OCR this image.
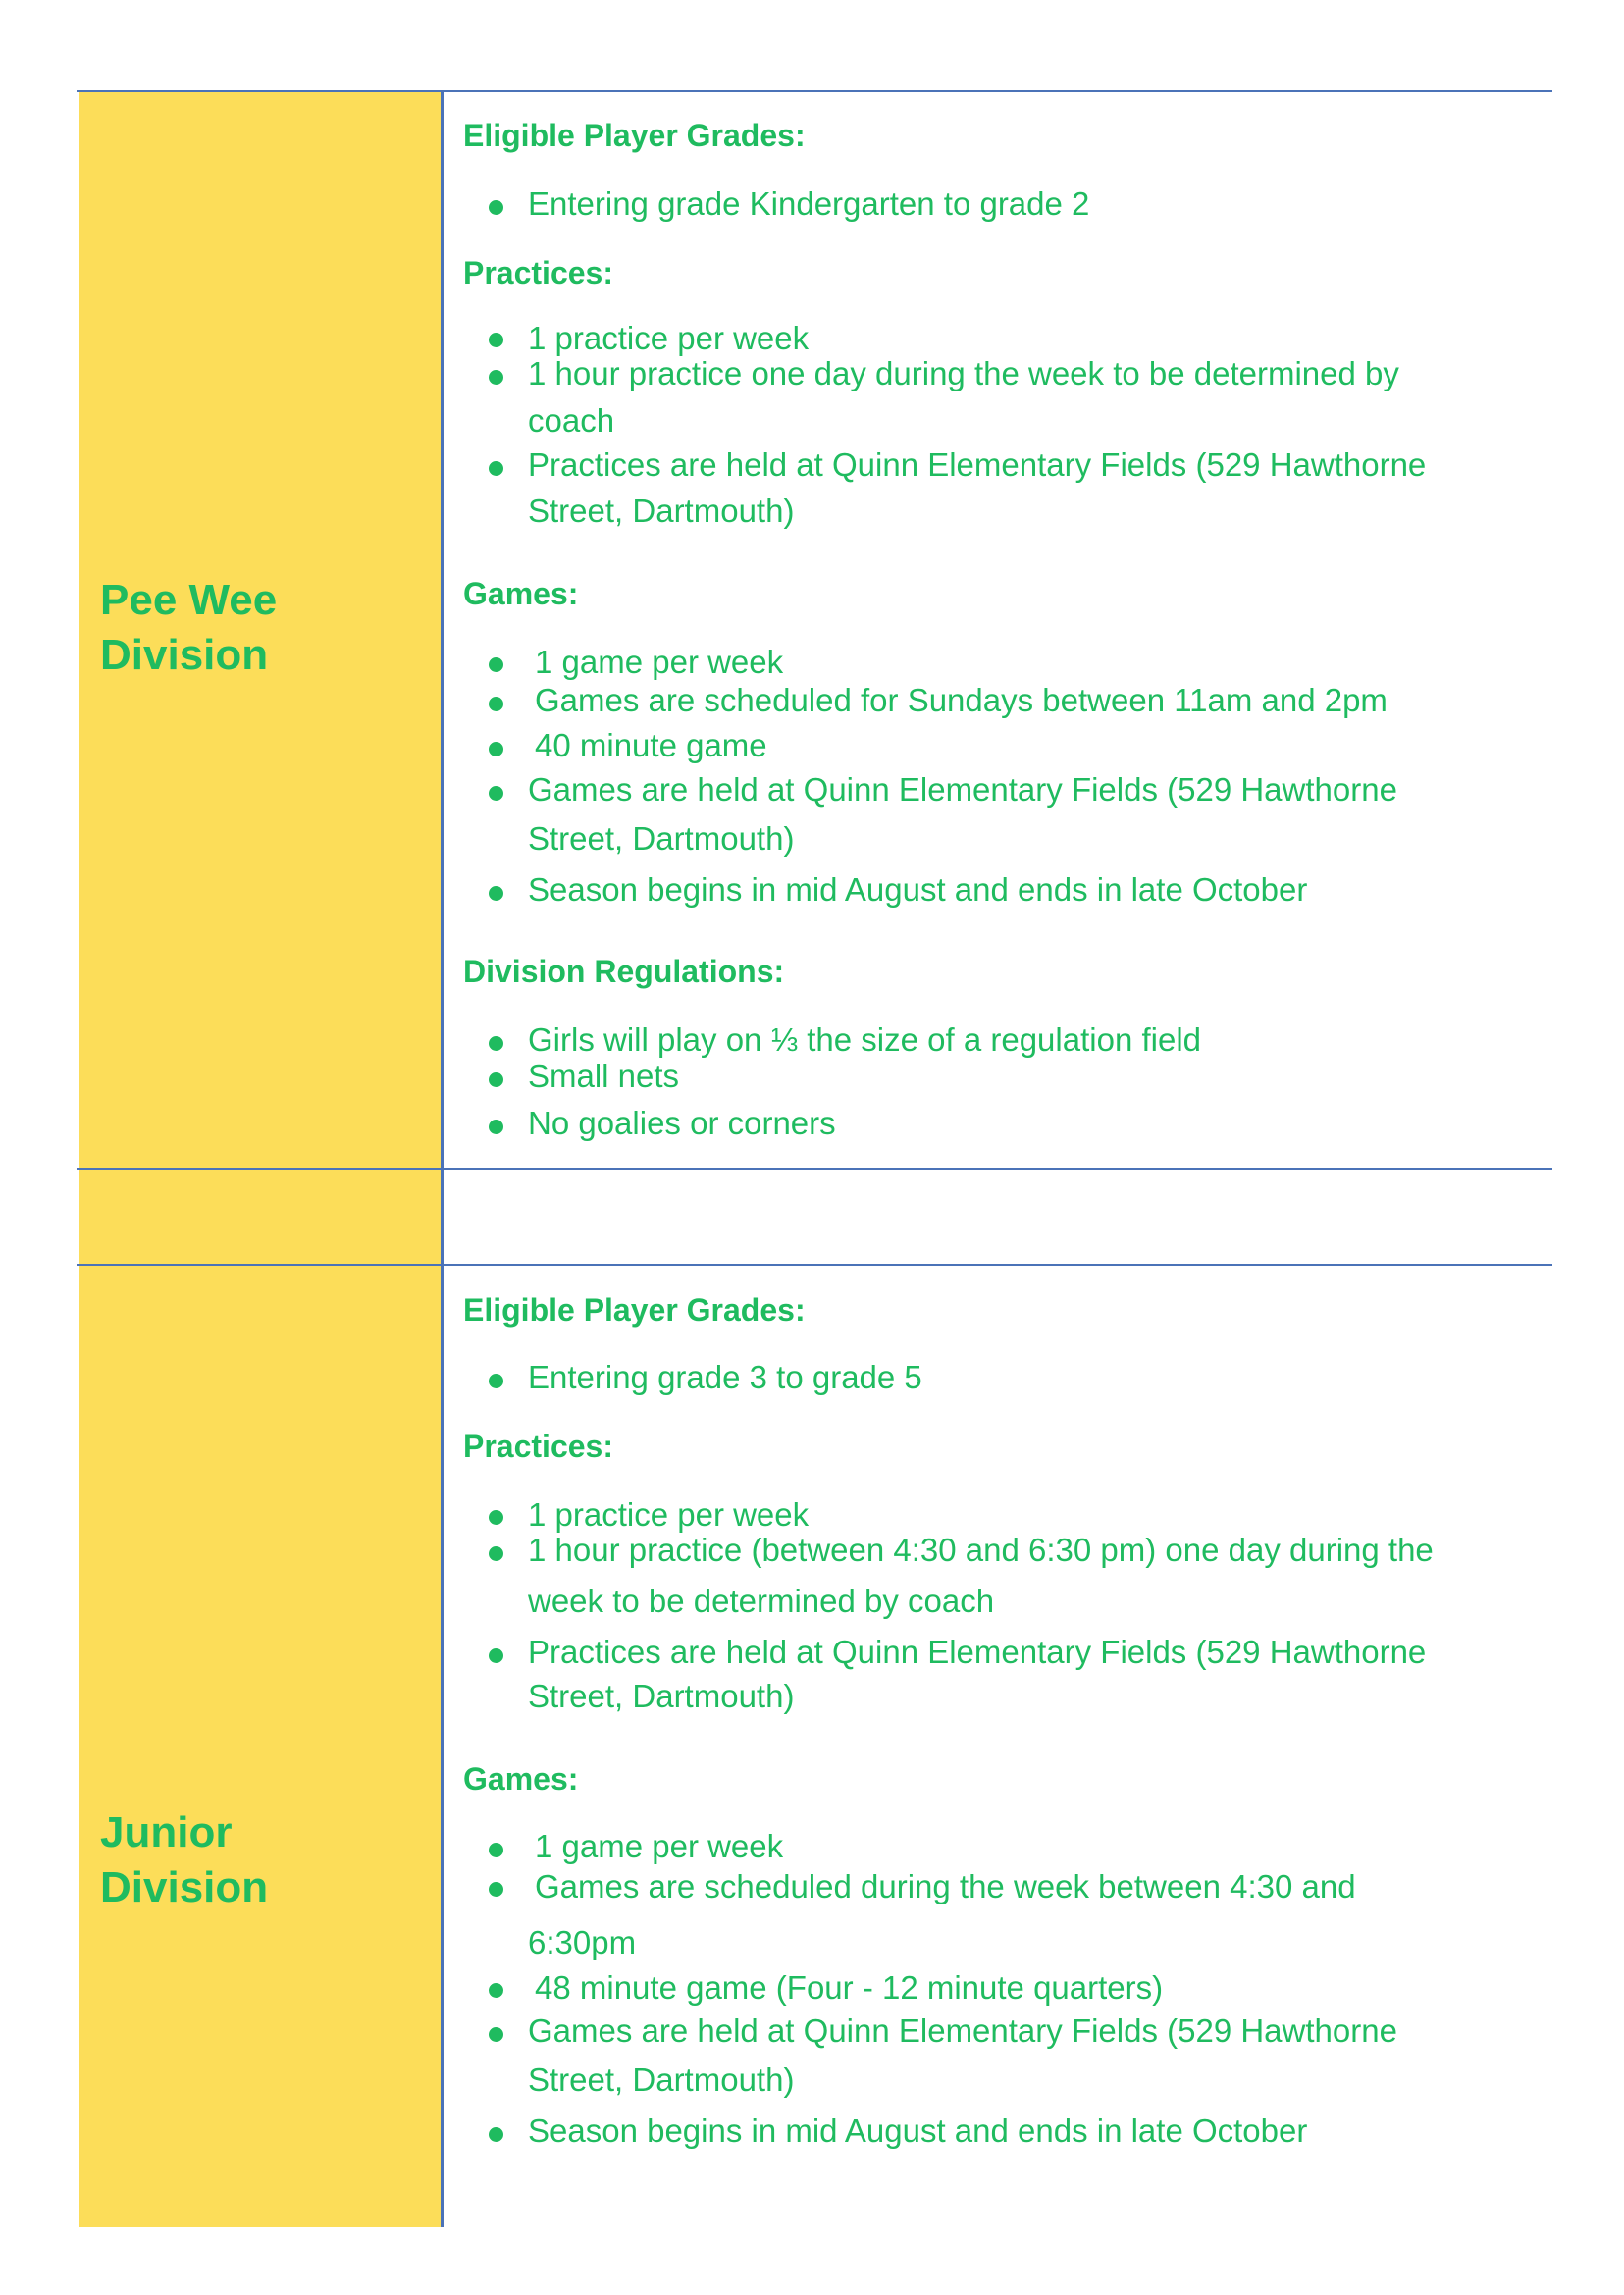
Pee Wee
Division
Junior
Division

Eligible Player Grades:

Entering grade Kindergarten to grade 2

Practices:

1 practice per week

1 hour practice one day during the week to be determined by

coach

Practices are held at Quinn Elementary Fields (529 Hawthorne

Street, Dartmouth)

Games:

1 game per week

Games are scheduled for Sundays between 11am and 2pm

40 minute game

Games are held at Quinn Elementary Fields (529 Hawthorne

Street, Dartmouth)

Season begins in mid August and ends in late October

Division Regulations:

Girls will play on ⅓ the size of a regulation field

Small nets

No goalies or corners

Eligible Player Grades:

Entering grade 3 to grade 5

Practices:

1 practice per week

1 hour practice (between 4:30 and 6:30 pm) one day during the

week to be determined by coach

Practices are held at Quinn Elementary Fields (529 Hawthorne

Street, Dartmouth)

Games:

1 game per week

Games are scheduled during the week between 4:30 and

6:30pm

48 minute game (Four - 12 minute quarters)

Games are held at Quinn Elementary Fields (529 Hawthorne

Street, Dartmouth)

Season begins in mid August and ends in late October
